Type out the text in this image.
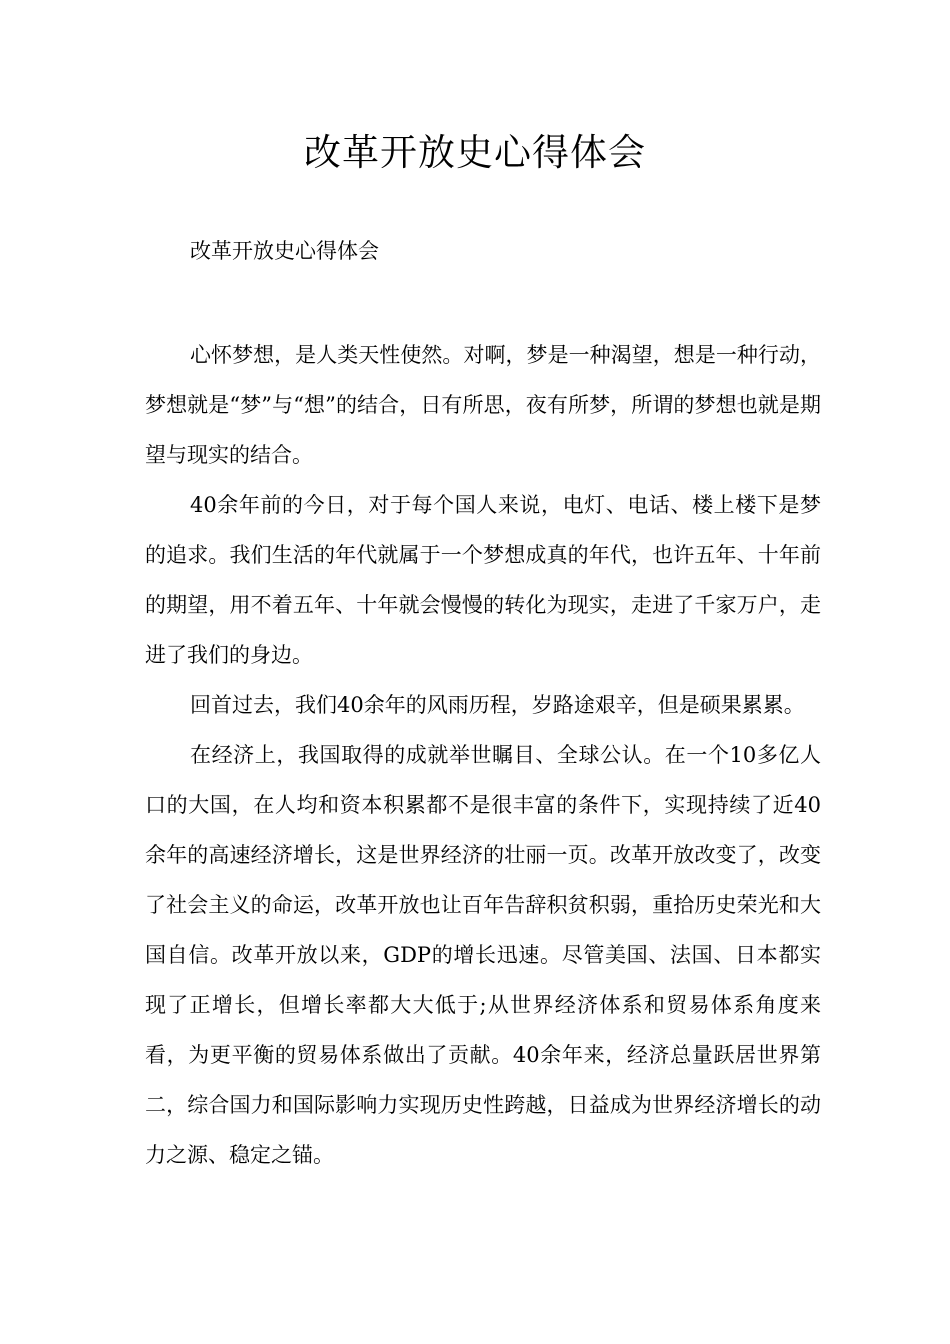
改革开放史心得体会
改革开放史心得体会

心怀梦想，是人类天性使然。对啊，梦是一种渴望，想是一种行动，梦想就是“梦”与“想”的结合，日有所思，夜有所梦，所谓的梦想也就是期望与现实的结合。

40余年前的今日，对于每个国人来说，电灯、电话、楼上楼下是梦的追求。我们生活的年代就属于一个梦想成真的年代，也许五年、十年前的期望，用不着五年、十年就会慢慢的转化为现实，走进了千家万户，走进了我们的身边。

回首过去，我们40余年的风雨历程，岁路途艰辛，但是硕果累累。

在经济上，我国取得的成就举世瞩目、全球公认。在一个10多亿人口的大国，在人均和资本积累都不是很丰富的条件下，实现持续了近40余年的高速经济增长，这是世界经济的壮丽一页。改革开放改变了，改变了社会主义的命运，改革开放也让百年告辞积贫积弱，重拾历史荣光和大国自信。改革开放以来，GDP的增长迅速。尽管美国、法国、日本都实现了正增长，但增长率都大大低于;从世界经济体系和贸易体系角度来看，为更平衡的贸易体系做出了贡献。40余年来，经济总量跃居世界第二，综合国力和国际影响力实现历史性跨越，日益成为世界经济增长的动力之源、稳定之锚。
